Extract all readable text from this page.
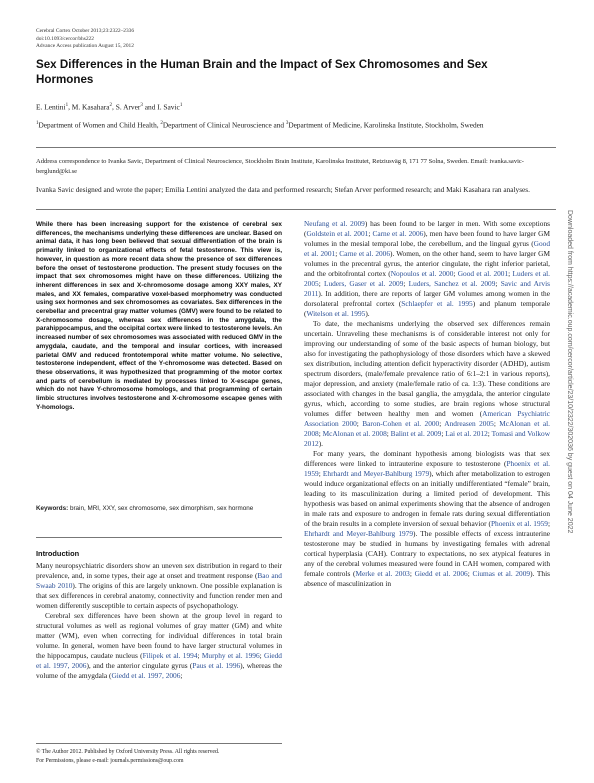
Cerebral Cortex October 2013;23:2322–2336
doi:10.1093/cercor/bhs222
Advance Access publication August 15, 2012
Sex Differences in the Human Brain and the Impact of Sex Chromosomes and Sex Hormones
E. Lentini$^1$, M. Kasahara$^2$, S. Arver$^3$ and I. Savic$^1$
$^1$Department of Women and Child Health, $^2$Department of Clinical Neuroscience and $^3$Department of Medicine, Karolinska Institute, Stockholm, Sweden
Address correspondence to Ivanka Savic, Department of Clinical Neuroscience, Stockholm Brain Institute, Karolinska Institutet, Retziusväg 8, 171 77 Solna, Sweden. Email: ivanka.savic-berglund@ki.se
Ivanka Savic designed and wrote the paper; Emilia Lentini analyzed the data and performed research; Stefan Arver performed research; and Maki Kasahara ran analyses.
While there has been increasing support for the existence of cerebral sex differences, the mechanisms underlying these differences are unclear. Based on animal data, it has long been believed that sexual differentiation of the brain is primarily linked to organizational effects of fetal testosterone. This view is, however, in question as more recent data show the presence of sex differences before the onset of testosterone production. The present study focuses on the impact that sex chromosomes might have on these differences. Utilizing the inherent differences in sex and X-chromosome dosage among XXY males, XY males, and XX females, comparative voxel-based morphometry was conducted using sex hormones and sex chromosomes as covariates. Sex differences in the cerebellar and precentral gray matter volumes (GMV) were found to be related to X-chromosome dosage, whereas sex differences in the amygdala, the parahippocampus, and the occipital cortex were linked to testosterone levels. An increased number of sex chromosomes was associated with reduced GMV in the amygdala, caudate, and the temporal and insular cortices, with increased parietal GMV and reduced frontotemporal white matter volume. No selective, testosterone independent, effect of the Y-chromosome was detected. Based on these observations, it was hypothesized that programming of the motor cortex and parts of cerebellum is mediated by processes linked to X-escape genes, which do not have Y-chromosome homologs, and that programming of certain limbic structures involves testosterone and X-chromosome escapee genes with Y-homologs.
Keywords: brain, MRI, XXY, sex chromosome, sex dimorphism, sex hormone
Introduction

Many neuropsychiatric disorders show an uneven sex distribution in regard to their prevalence, and, in some types, their age at onset and treatment response (Bao and Swaab 2010). The origins of this are largely unknown. One possible explanation is that sex differences in cerebral anatomy, connectivity and function render men and women differently susceptible to certain aspects of psychopathology.

Cerebral sex differences have been shown at the group level in regard to structural volumes as well as regional volumes of gray matter (GM) and white matter (WM), even when correcting for individual differences in total brain volume. In general, women have been found to have larger structural volumes in the hippocampus, caudate nucleus (Filipek et al. 1994; Murphy et al. 1996; Giedd et al. 1997, 2006), and the anterior cingulate gyrus (Paus et al. 1996), whereas the volume of the amygdala (Giedd et al. 1997, 2006;

Neufang et al. 2009) has been found to be larger in men. With some exceptions (Goldstein et al. 2001; Carne et al. 2006), men have been found to have larger GM volumes in the mesial temporal lobe, the cerebellum, and the lingual gyrus (Good et al. 2001; Carne et al. 2006). Women, on the other hand, seem to have larger GM volumes in the precentral gyrus, the anterior cingulate, the right inferior parietal, and the orbitofrontal cortex (Nopoulos et al. 2000; Good et al. 2001; Luders et al. 2005; Luders, Gaser et al. 2009; Luders, Sanchez et al. 2009; Savic and Arvis 2011). In addition, there are reports of larger GM volumes among women in the dorsolateral prefrontal cortex (Schlaepfer et al. 1995) and planum temporale (Witelson et al. 1995).

To date, the mechanisms underlying the observed sex differences remain uncertain. Unraveling these mechanisms is of considerable interest not only for improving our understanding of some of the basic aspects of human biology, but also for investigating the pathophysiology of those disorders which have a skewed sex distribution, including attention deficit hyperactivity disorder (ADHD), autism spectrum disorders, (male/female prevalence ratio of 6:1–2:1 in various reports), major depression, and anxiety (male/female ratio of ca. 1:3). These conditions are associated with changes in the basal ganglia, the amygdala, the anterior cingulate gyrus, which, according to some studies, are brain regions whose structural volumes differ between healthy men and women (American Psychiatric Association 2000; Baron-Cohen et al. 2000; Andreasen 2005; McAlonan et al. 2008; McAlonan et al. 2008; Balint et al. 2009; Lai et al. 2012; Tomasi and Volkow 2012).

For many years, the dominant hypothesis among biologists was that sex differences were linked to intrauterine exposure to testosterone (Phoenix et al. 1959; Ehrhardt and Meyer-Bahlburg 1979), which after metabolization to estrogen would induce organizational effects on an initially undifferentiated “female” brain, leading to its masculinization during a limited period of development. This hypothesis was based on animal experiments showing that the absence of androgen in male rats and exposure to androgen in female rats during sexual differentiation of the brain results in a complete inversion of sexual behavior (Phoenix et al. 1959; Ehrhardt and Meyer-Bahlburg 1979). The possible effects of excess intrauterine testosterone may be studied in humans by investigating females with adrenal cortical hyperplasia (CAH). Contrary to expectations, no sex atypical features in any of the cerebral volumes measured were found in CAH women, compared with female controls (Merke et al. 2003; Giedd et al. 2006; Ciumas et al. 2009). This absence of masculinization in

© The Author 2012. Published by Oxford University Press. All rights reserved.
For Permissions, please e-mail: journals.permissions@oup.com
Downloaded from https://academic.oup.com/cercor/article/23/10/2322/302036 by guest on 04 June 2022
